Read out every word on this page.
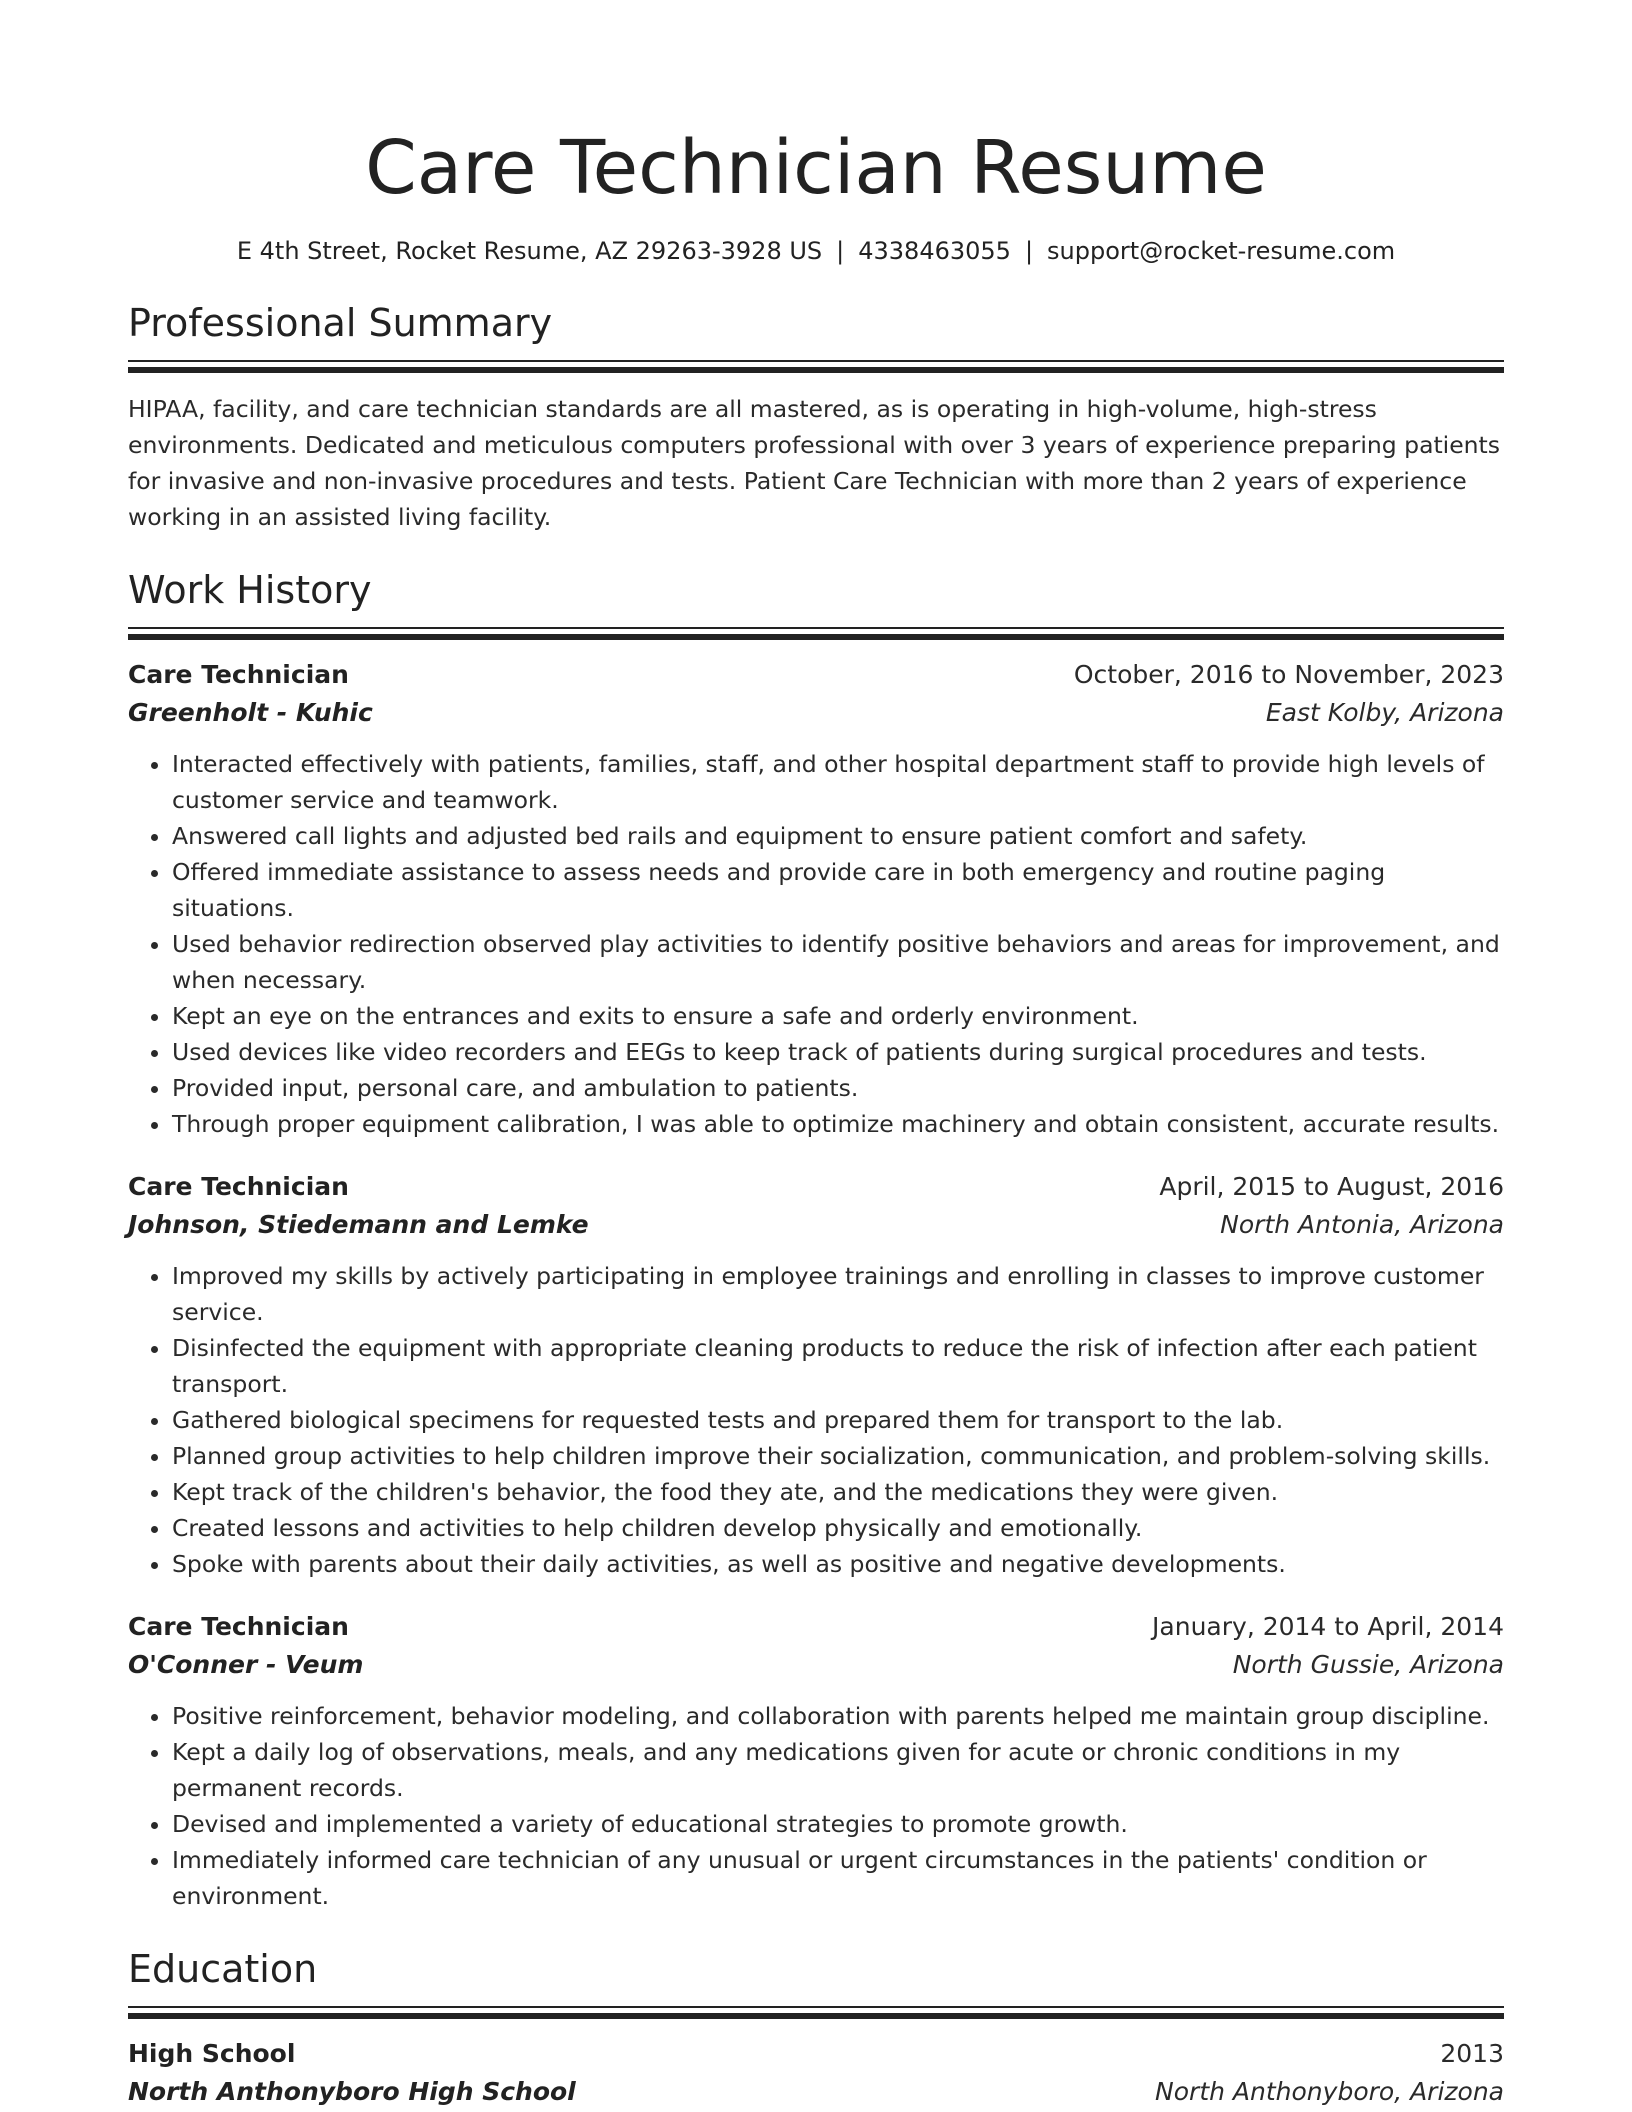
Care Technician Resume
E 4th Street, Rocket Resume, AZ 29263-3928 US | 4338463055 | support@rocket-resume.com
Professional Summary
HIPAA, facility, and care technician standards are all mastered, as is operating in high-volume, high-stress environments. Dedicated and meticulous computers professional with over 3 years of experience preparing patients for invasive and non-invasive procedures and tests. Patient Care Technician with more than 2 years of experience working in an assisted living facility.
Work History
Care Technician	October, 2016 to November, 2023
Greenholt - Kuhic	East Kolby, Arizona
• Interacted effectively with patients, families, staff, and other hospital department staff to provide high levels of customer service and teamwork.
• Answered call lights and adjusted bed rails and equipment to ensure patient comfort and safety.
• Offered immediate assistance to assess needs and provide care in both emergency and routine paging situations.
• Used behavior redirection observed play activities to identify positive behaviors and areas for improvement, and when necessary.
• Kept an eye on the entrances and exits to ensure a safe and orderly environment.
• Used devices like video recorders and EEGs to keep track of patients during surgical procedures and tests.
• Provided input, personal care, and ambulation to patients.
• Through proper equipment calibration, I was able to optimize machinery and obtain consistent, accurate results.
Care Technician	April, 2015 to August, 2016
Johnson, Stiedemann and Lemke	North Antonia, Arizona
• Improved my skills by actively participating in employee trainings and enrolling in classes to improve customer service.
• Disinfected the equipment with appropriate cleaning products to reduce the risk of infection after each patient transport.
• Gathered biological specimens for requested tests and prepared them for transport to the lab.
• Planned group activities to help children improve their socialization, communication, and problem-solving skills.
• Kept track of the children's behavior, the food they ate, and the medications they were given.
• Created lessons and activities to help children develop physically and emotionally.
• Spoke with parents about their daily activities, as well as positive and negative developments.
Care Technician	January, 2014 to April, 2014
O'Conner - Veum	North Gussie, Arizona
• Positive reinforcement, behavior modeling, and collaboration with parents helped me maintain group discipline.
• Kept a daily log of observations, meals, and any medications given for acute or chronic conditions in my permanent records.
• Devised and implemented a variety of educational strategies to promote growth.
• Immediately informed care technician of any unusual or urgent circumstances in the patients' condition or environment.
Education
High School	2013
North Anthonyboro High School	North Anthonyboro, Arizona
